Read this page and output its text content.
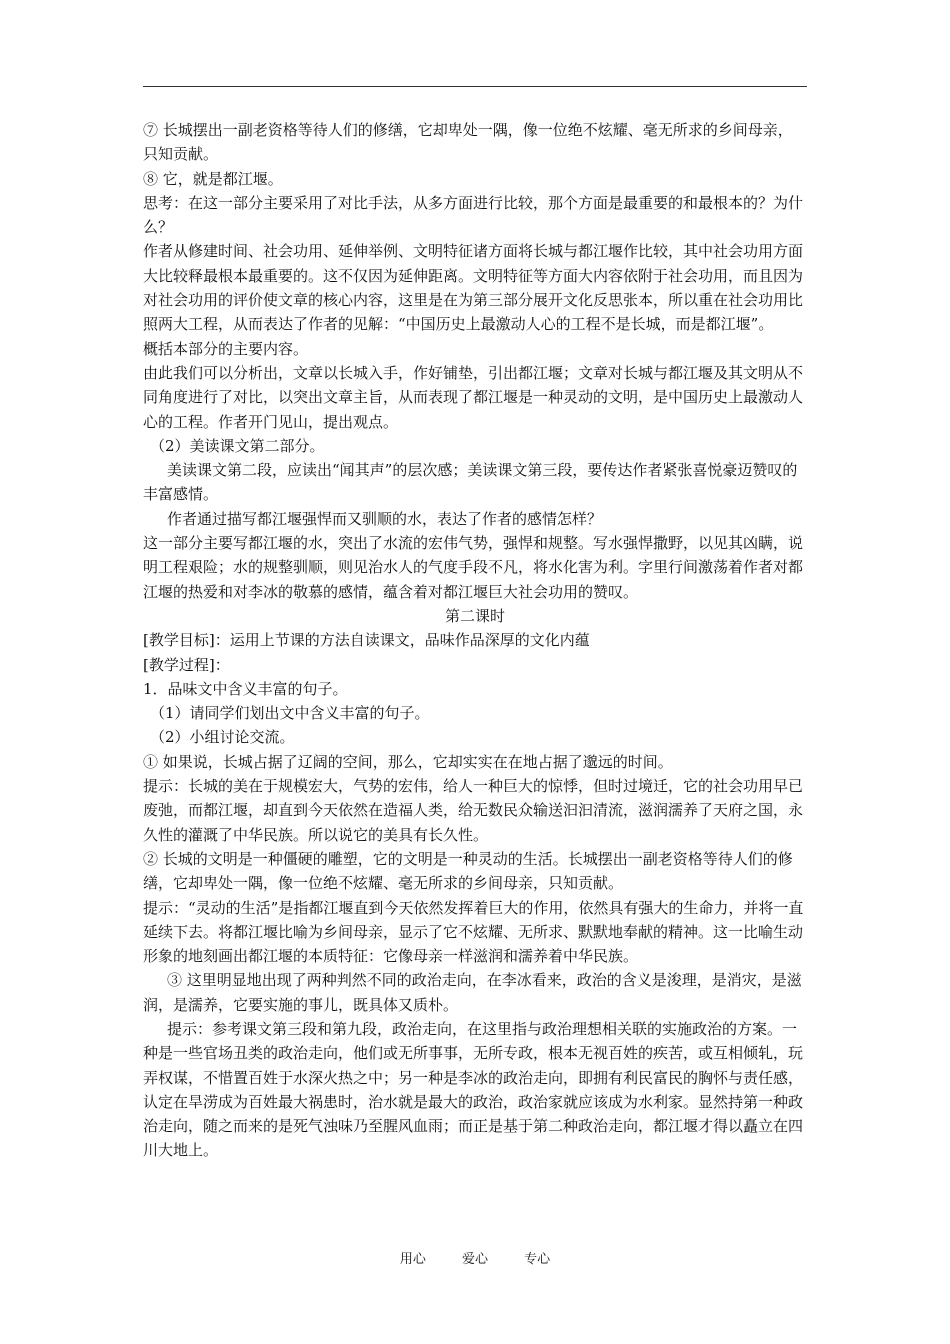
⑦ 长城摆出一副老资格等待人们的修缮，它却卑处一隅，像一位绝不炫耀、毫无所求的乡间母亲，只知贡献。

⑧ 它，就是都江堰。

思考：在这一部分主要采用了对比手法，从多方面进行比较，那个方面是最重要的和最根本的？为什么？

作者从修建时间、社会功用、延伸举例、文明特征诸方面将长城与都江堰作比较，其中社会功用方面大比较释最根本最重要的。这不仅因为延伸距离。文明特征等方面大内容依附于社会功用，而且因为对社会功用的评价使文章的核心内容，这里是在为第三部分展开文化反思张本，所以重在社会功用比照两大工程，从而表达了作者的见解：“中国历史上最激动人心的工程不是长城，而是都江堰”。

概括本部分的主要内容。

由此我们可以分析出，文章以长城入手，作好铺垫，引出都江堰；文章对长城与都江堰及其文明从不同角度进行了对比，以突出文章主旨，从而表现了都江堰是一种灵动的文明，是中国历史上最激动人心的工程。作者开门见山，提出观点。

（2）美读课文第二部分。

美读课文第二段，应读出“闻其声”的层次感；美读课文第三段，要传达作者紧张喜悦豪迈赞叹的丰富感情。

作者通过描写都江堰强悍而又驯顺的水，表达了作者的感情怎样？

这一部分主要写都江堰的水，突出了水流的宏伟气势，强悍和规整。写水强悍撒野，以见其凶瞒，说明工程艰险；水的规整驯顺，则见治水人的气度手段不凡，将水化害为利。字里行间激荡着作者对都江堰的热爱和对李冰的敬慕的感情，蕴含着对都江堰巨大社会功用的赞叹。

第二课时

[教学目标]：运用上节课的方法自读课文，品味作品深厚的文化内蕴

[教学过程]：

1．品味文中含义丰富的句子。

（1）请同学们划出文中含义丰富的句子。

（2）小组讨论交流。

① 如果说，长城占据了辽阔的空间，那么，它却实实在在地占据了邈远的时间。

提示：长城的美在于规模宏大，气势的宏伟，给人一种巨大的惊悸，但时过境迁，它的社会功用早已废弛，而都江堰，却直到今天依然在造福人类，给无数民众输送汩汩清流，滋润濡养了天府之国，永久性的灌溉了中华民族。所以说它的美具有长久性。

② 长城的文明是一种僵硬的雕塑，它的文明是一种灵动的生活。长城摆出一副老资格等待人们的修缮，它却卑处一隅，像一位绝不炫耀、毫无所求的乡间母亲，只知贡献。

提示：“灵动的生活”是指都江堰直到今天依然发挥着巨大的作用，依然具有强大的生命力，并将一直延续下去。将都江堰比喻为乡间母亲，显示了它不炫耀、无所求、默默地奉献的精神。这一比喻生动形象的地刻画出都江堰的本质特征：它像母亲一样滋润和濡养着中华民族。

③ 这里明显地出现了两种判然不同的政治走向，在李冰看来，政治的含义是浚理，是消灾，是滋润，是濡养，它要实施的事儿，既具体又质朴。

提示：参考课文第三段和第九段，政治走向，在这里指与政治理想相关联的实施政治的方案。一种是一些官场丑类的政治走向，他们或无所事事，无所专政，根本无视百姓的疾苦，或互相倾轧，玩弄权谋，不惜置百姓于水深火热之中；另一种是李冰的政治走向，即拥有利民富民的胸怀与责任感，认定在旱涝成为百姓最大祸患时，治水就是最大的政治，政治家就应该成为水利家。显然持第一种政治走向，随之而来的是死气浊味乃至腥风血雨；而正是基于第二种政治走向，都江堰才得以矗立在四川大地上。

用心	爱心	专心
